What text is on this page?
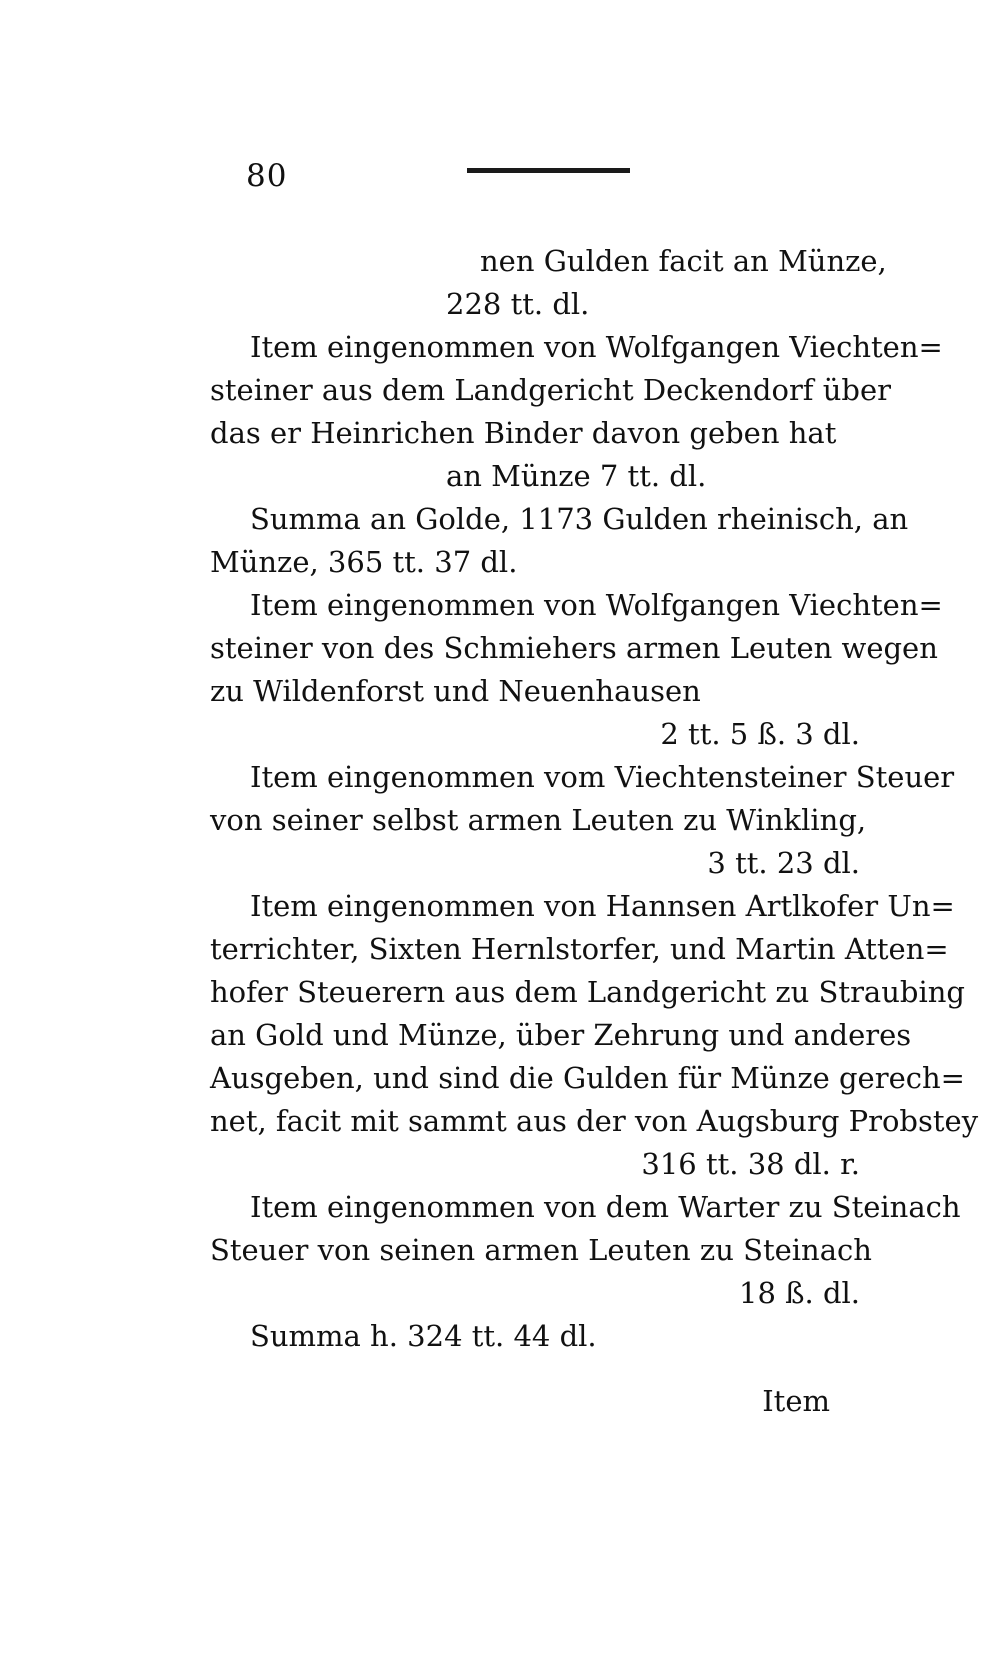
80
nen Gulden facit an Münze,
228 tt. dl.
Item eingenommen von Wolfgangen Viechten=
steiner aus dem Landgericht Deckendorf über
das er Heinrichen Binder davon geben hat
an Münze 7 tt. dl.
Summa an Golde, 1173 Gulden rheinisch, an
Münze, 365 tt. 37 dl.
Item eingenommen von Wolfgangen Viechten=
steiner von des Schmiehers armen Leuten wegen
zu Wildenforst und Neuenhausen
2 tt. 5 ß. 3 dl.
Item eingenommen vom Viechtensteiner Steuer
von seiner selbst armen Leuten zu Winkling,
3 tt. 23 dl.
Item eingenommen von Hannsen Artlkofer Un=
terrichter, Sixten Hernlstorfer, und Martin Atten=
hofer Steuerern aus dem Landgericht zu Straubing
an Gold und Münze, über Zehrung und anderes
Ausgeben, und sind die Gulden für Münze gerech=
net, facit mit sammt aus der von Augsburg Probstey
316 tt. 38 dl. r.
Item eingenommen von dem Warter zu Steinach
Steuer von seinen armen Leuten zu Steinach
18 ß. dl.
Summa h. 324 tt. 44 dl.
Item
